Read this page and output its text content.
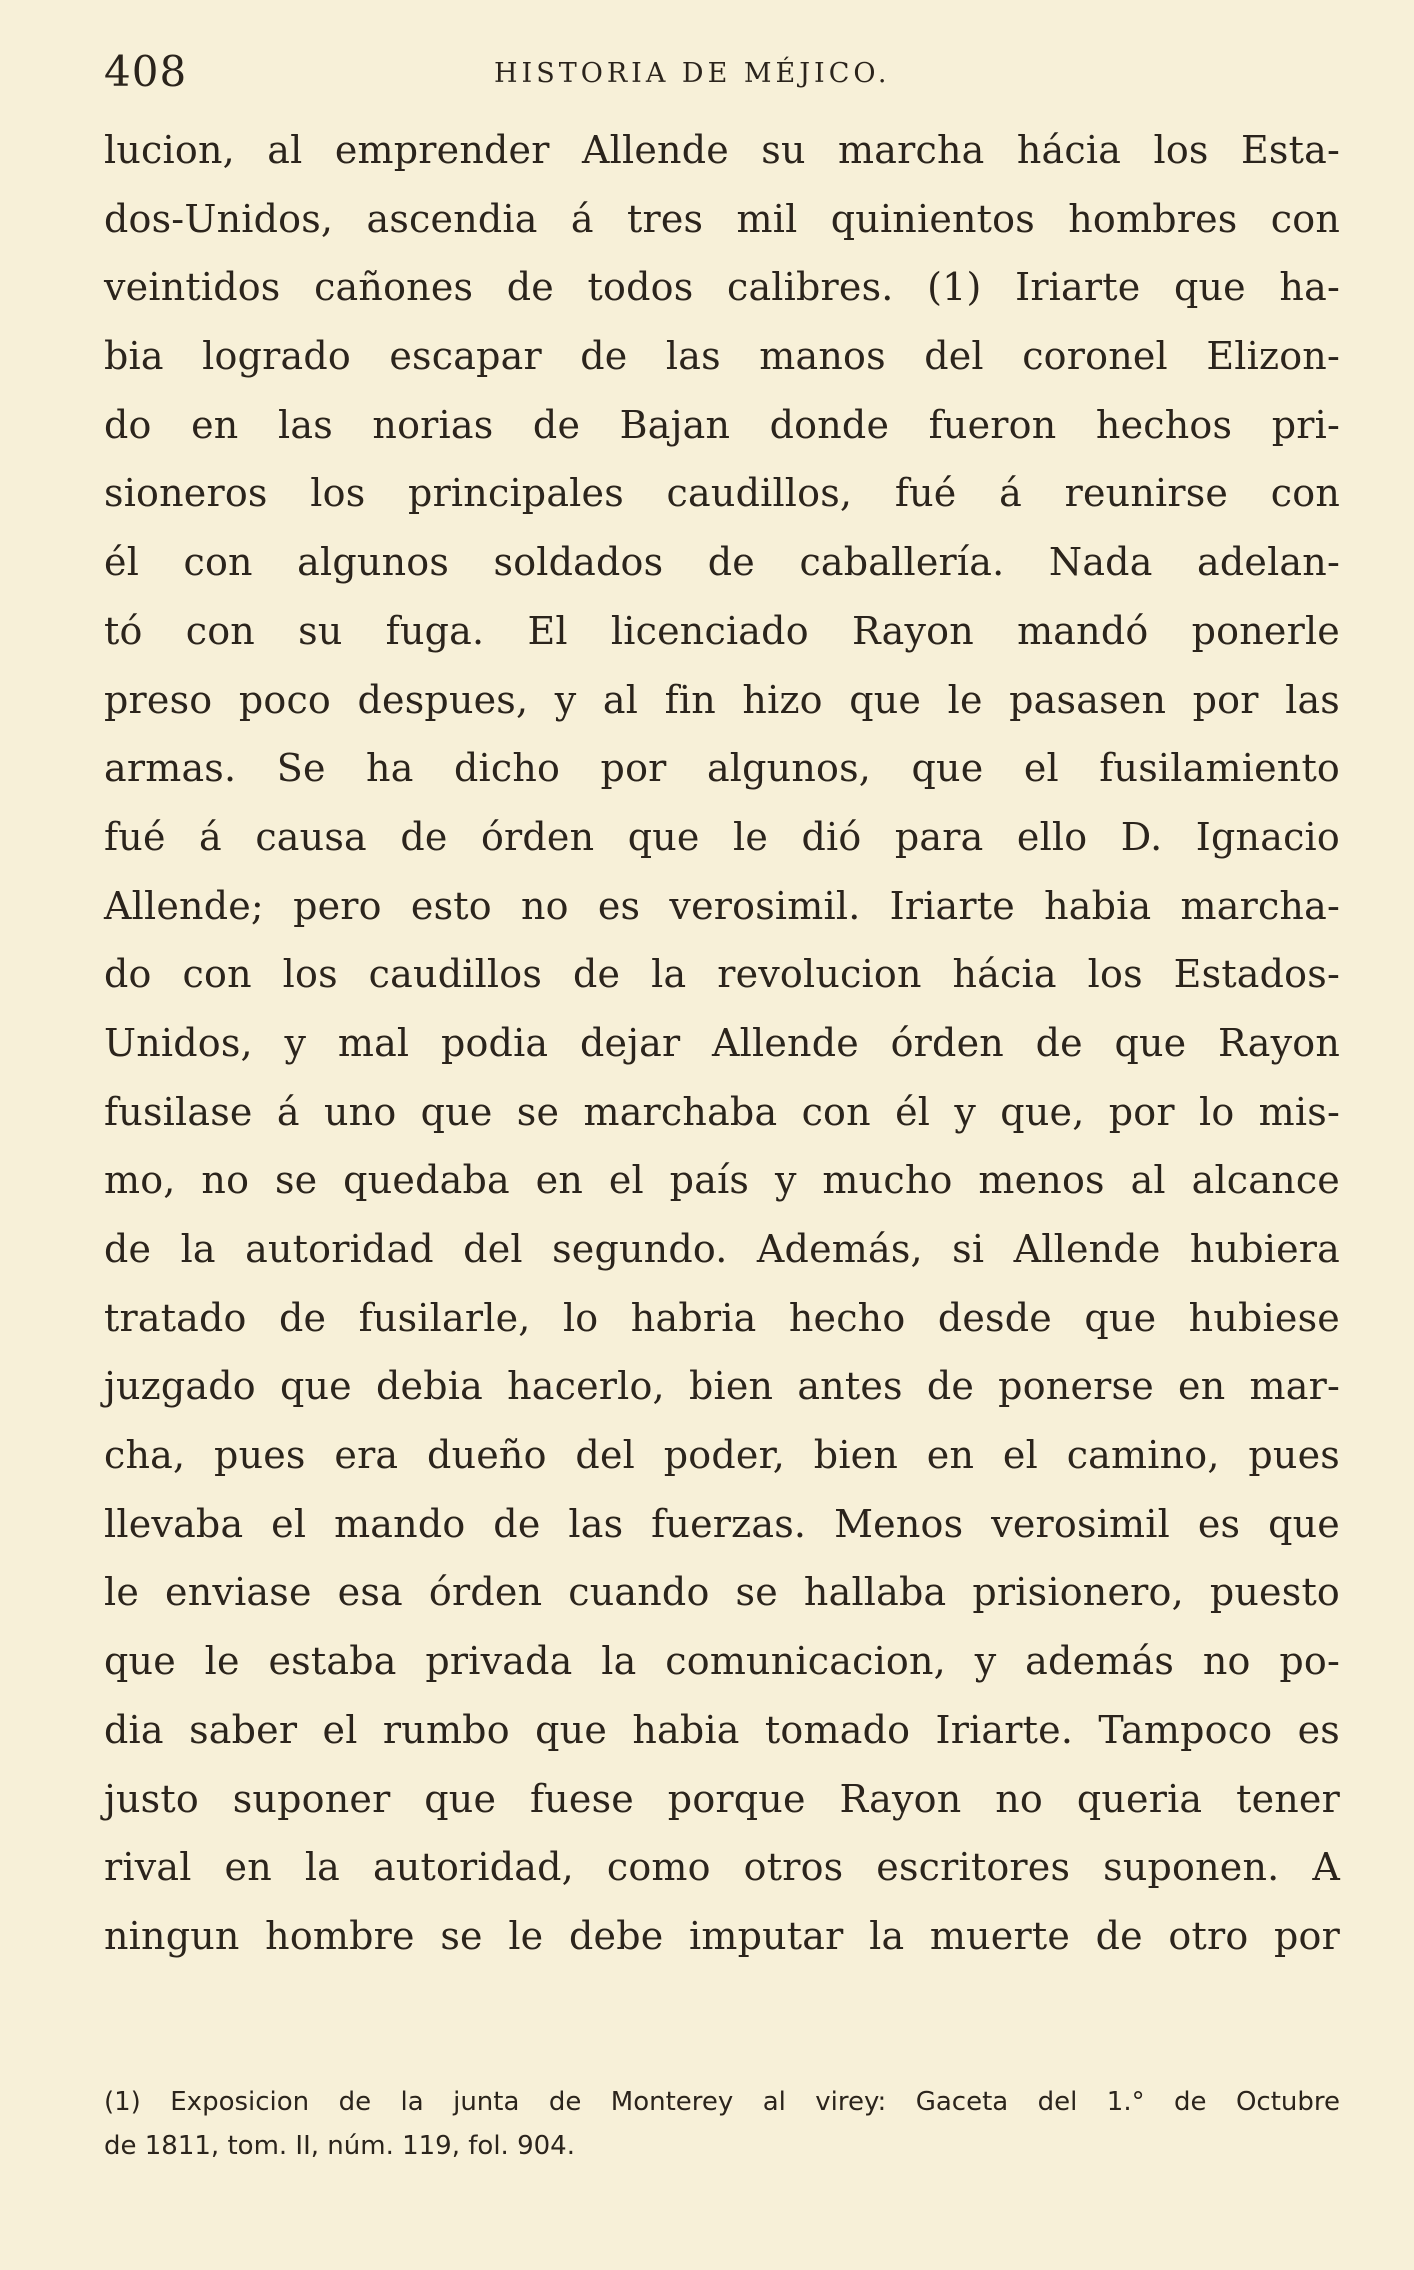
408	HISTORIA DE MÉJICO.
lucion, al emprender Allende su marcha hácia los Esta-
dos-Unidos, ascendia á tres mil quinientos hombres con
veintidos cañones de todos calibres. (1) Iriarte que ha-
bia logrado escapar de las manos del coronel Elizon-
do en las norias de Bajan donde fueron hechos pri-
sioneros los principales caudillos, fué á reunirse con
él con algunos soldados de caballería. Nada adelan-
tó con su fuga. El licenciado Rayon mandó ponerle
preso poco despues, y al fin hizo que le pasasen por las
armas. Se ha dicho por algunos, que el fusilamiento
fué á causa de órden que le dió para ello D. Ignacio
Allende; pero esto no es verosimil. Iriarte habia marcha-
do con los caudillos de la revolucion hácia los Estados-
Unidos, y mal podia dejar Allende órden de que Rayon
fusilase á uno que se marchaba con él y que, por lo mis-
mo, no se quedaba en el país y mucho menos al alcance
de la autoridad del segundo. Además, si Allende hubiera
tratado de fusilarle, lo habria hecho desde que hubiese
juzgado que debia hacerlo, bien antes de ponerse en mar-
cha, pues era dueño del poder, bien en el camino, pues
llevaba el mando de las fuerzas. Menos verosimil es que
le enviase esa órden cuando se hallaba prisionero, puesto
que le estaba privada la comunicacion, y además no po-
dia saber el rumbo que habia tomado Iriarte. Tampoco es
justo suponer que fuese porque Rayon no queria tener
rival en la autoridad, como otros escritores suponen. A
ningun hombre se le debe imputar la muerte de otro por
(1) Exposicion de la junta de Monterey al virey: Gaceta del 1.° de Octubre
de 1811, tom. II, núm. 119, fol. 904.
